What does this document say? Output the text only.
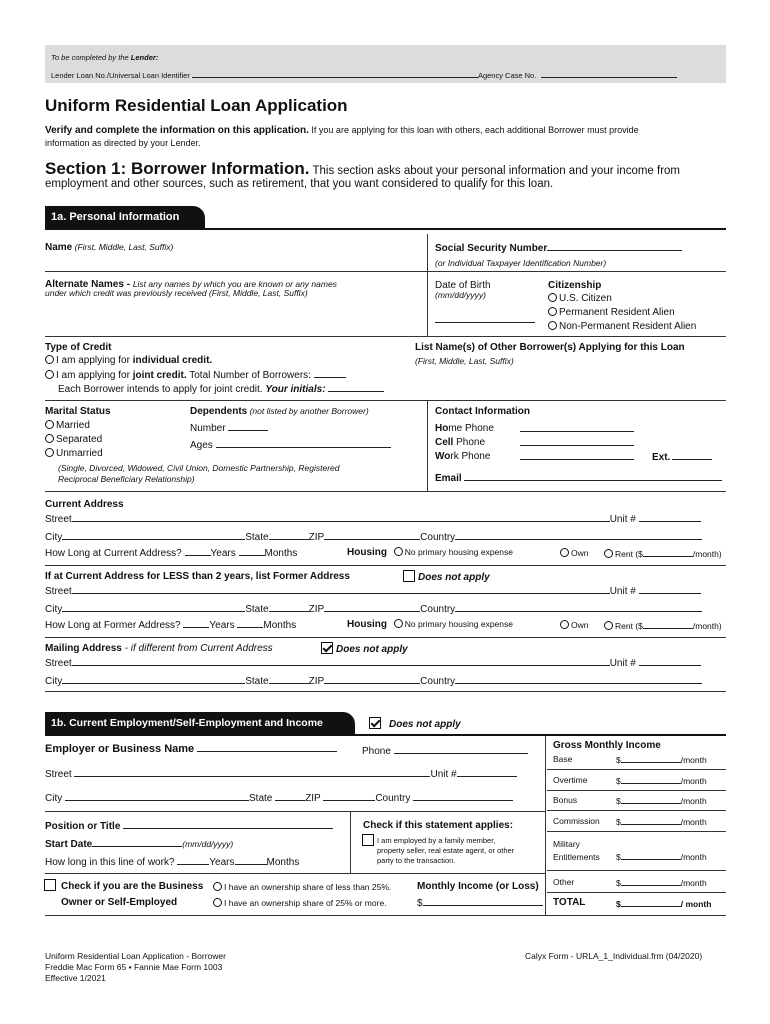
To be completed by the Lender:
Lender Loan No./Universal Loan Identifier	Agency Case No.
Uniform Residential Loan Application
Verify and complete the information on this application. If you are applying for this loan with others, each additional Borrower must provide
information as directed by your Lender.
Section 1: Borrower Information. This section asks about your personal information and your income from
employment and other sources, such as retirement, that you want considered to qualify for this loan.
1a. Personal Information
Name (First, Middle, Last, Suffix)	Social Security Number
(or Individual Taxpayer Identification Number)
Alternate Names - List any names by which you are known or any names
under which credit was previously received (First, Middle, Last, Suffix)
Date of Birth
(mm/dd/yyyy)
Citizenship
U.S. Citizen
Permanent Resident Alien
Non-Permanent Resident Alien
Type of Credit
I am applying for individual credit.
I am applying for joint credit. Total Number of Borrowers:
Each Borrower intends to apply for joint credit. Your initials:
List Name(s) of Other Borrower(s) Applying for this Loan
(First, Middle, Last, Suffix)
Marital Status
Married
Separated
Unmarried
(Single, Divorced, Widowed, Civil Union, Domestic Partnership, Registered
Reciprocal Beneficiary Relationship)
Dependents (not listed by another Borrower)
Number
Ages
Contact Information
Home Phone
Cell Phone
Work Phone	Ext.
Email
Current Address
Street	Unit #
City	State	ZIP	Country
How Long at Current Address?	Years	Months	Housing No primary housing expense	Own	Rent ($	/month)
If at Current Address for LESS than 2 years, list Former Address	Does not apply
Street	Unit #
City	State	ZIP	Country
How Long at Former Address?	Years	Months	Housing No primary housing expense	Own	Rent ($	/month)
Mailing Address - if different from Current Address	Does not apply
Street	Unit #
City	State	ZIP	Country
1b. Current Employment/Self-Employment and Income	Does not apply
Employer or Business Name	Phone
Street	Unit #
City	State	ZIP	Country
Position or Title
Start Date	(mm/dd/yyyy)
How long in this line of work?	Years	Months
Check if this statement applies:
I am employed by a family member,
property seller, real estate agent, or other
party to the transaction.
Check if you are the Business
Owner or Self-Employed
I have an ownership share of less than 25%.	Monthly Income (or Loss)
I have an ownership share of 25% or more.	$
Gross Monthly Income
Base	$	/month
Overtime	$	/month
Bonus	$	/month
Commission $	/month
Military
Entitlements $	/month
Other	$	/month
TOTAL	$	/ month
Uniform Residential Loan Application - Borrower
Freddie Mac Form 65 ▪ Fannie Mae Form 1003
Effective 1/2021
Calyx Form - URLA_1_Individual.frm (04/2020)
